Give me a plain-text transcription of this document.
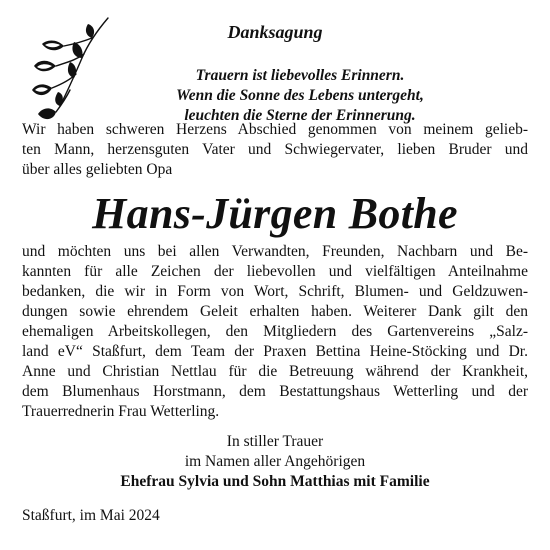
Danksagung
Trauern ist liebevolles Erinnern.
Wenn die Sonne des Lebens untergeht,
leuchten die Sterne der Erinnerung.

Wir haben schweren Herzens Abschied genommen von meinem gelieb-
ten Mann, herzensguten Vater und Schwiegervater, lieben Bruder und
über alles geliebten Opa

Hans-Jürgen Bothe

und möchten uns bei allen Verwandten, Freunden, Nachbarn und Be-
kannten für alle Zeichen der liebevollen und vielfältigen Anteilnahme
bedanken, die wir in Form von Wort, Schrift, Blumen- und Geldzuwen-
dungen sowie ehrendem Geleit erhalten haben. Weiterer Dank gilt den
ehemaligen Arbeitskollegen, den Mitgliedern des Gartenvereins „Salz-
land eV“ Staßfurt, dem Team der Praxen Bettina Heine-Stöcking und Dr.
Anne und Christian Nettlau für die Betreuung während der Krankheit,
dem Blumenhaus Horstmann, dem Bestattungshaus Wetterling und der
Trauerrednerin Frau Wetterling.

In stiller Trauer
im Namen aller Angehörigen
Ehefrau Sylvia und Sohn Matthias mit Familie
Staßfurt, im Mai 2024
